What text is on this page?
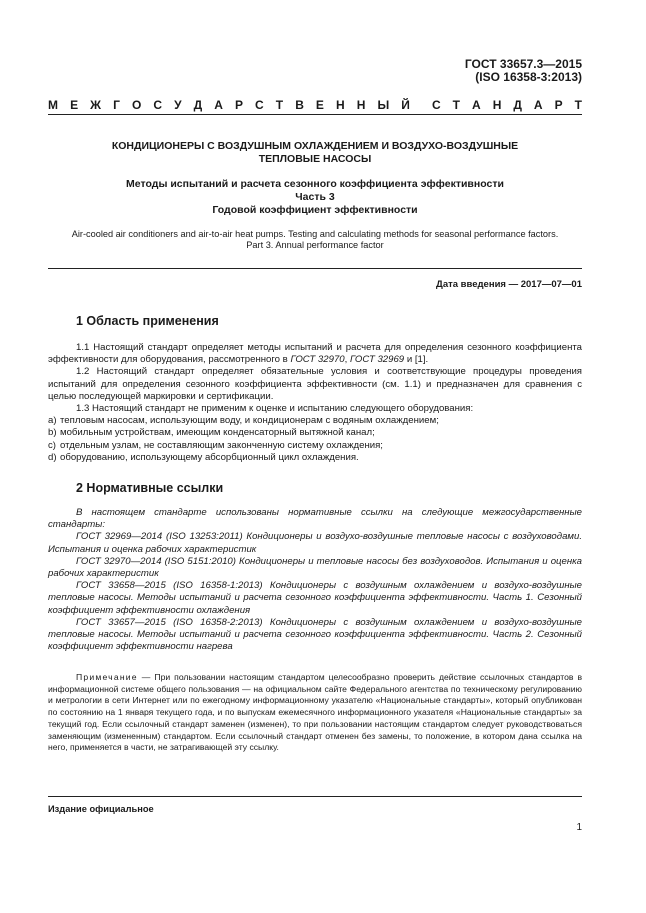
ГОСТ 33657.3—2015
(ISO 16358-3:2013)
М Е Ж Г О С У Д А Р С Т В Е Н Н Ы Й С Т А Н Д А Р Т
КОНДИЦИОНЕРЫ С ВОЗДУШНЫМ ОХЛАЖДЕНИЕМ И ВОЗДУХО-ВОЗДУШНЫЕ
ТЕПЛОВЫЕ НАСОСЫ
Методы испытаний и расчета сезонного коэффициента эффективности
Часть 3
Годовой коэффициент эффективности
Air-cooled air conditioners and air-to-air heat pumps. Testing and calculating methods for seasonal performance factors.
Part 3. Annual performance factor
Дата введения — 2017—07—01
1 Область применения

1.1 Настоящий стандарт определяет методы испытаний и расчета для определения сезонного коэффициента эффективности для оборудования, рассмотренного в ГОСТ 32970, ГОСТ 32969 и [1].

1.2 Настоящий стандарт определяет обязательные условия и соответствующие процедуры проведения испытаний для определения сезонного коэффициента эффективности (см. 1.1) и предназначен для сравнения с целью последующей маркировки и сертификации.

1.3 Настоящий стандарт не применим к оценке и испытанию следующего оборудования:

a) тепловым насосам, использующим воду, и кондиционерам с водяным охлаждением;
b) мобильным устройствам, имеющим конденсаторный вытяжной канал;
c) отдельным узлам, не составляющим законченную систему охлаждения;
d) оборудованию, использующему абсорбционный цикл охлаждения.
2 Нормативные ссылки

В настоящем стандарте использованы нормативные ссылки на следующие межгосударственные стандарты:

ГОСТ 32969—2014 (ISO 13253:2011) Кондиционеры и воздухо-воздушные тепловые насосы с воздуховодами. Испытания и оценка рабочих характеристик

ГОСТ 32970—2014 (ISO 5151:2010) Кондиционеры и тепловые насосы без воздуховодов. Испытания и оценка рабочих характеристик

ГОСТ 33658—2015 (ISO 16358-1:2013) Кондиционеры с воздушным охлаждением и воздухо-воздушные тепловые насосы. Методы испытаний и расчета сезонного коэффициента эффективности. Часть 1. Сезонный коэффициент эффективности охлаждения

ГОСТ 33657—2015 (ISO 16358-2:2013) Кондиционеры с воздушным охлаждением и воздухо-воздушные тепловые насосы. Методы испытаний и расчета сезонного коэффициента эффективности. Часть 2. Сезонный коэффициент эффективности нагрева

Примечание — При пользовании настоящим стандартом целесообразно проверить действие ссылочных стандартов в информационной системе общего пользования — на официальном сайте Федерального агентства по техническому регулированию и метрологии в сети Интернет или по ежегодному информационному указателю «Национальные стандарты», который опубликован по состоянию на 1 января текущего года, и по выпускам ежемесячного информационного указателя «Национальные стандарты» за текущий год. Если ссылочный стандарт заменен (изменен), то при пользовании настоящим стандартом следует руководствоваться заменяющим (измененным) стандартом. Если ссылочный стандарт отменен без замены, то положение, в котором дана ссылка на него, применяется в части, не затрагивающей эту ссылку.
Издание официальное
1
